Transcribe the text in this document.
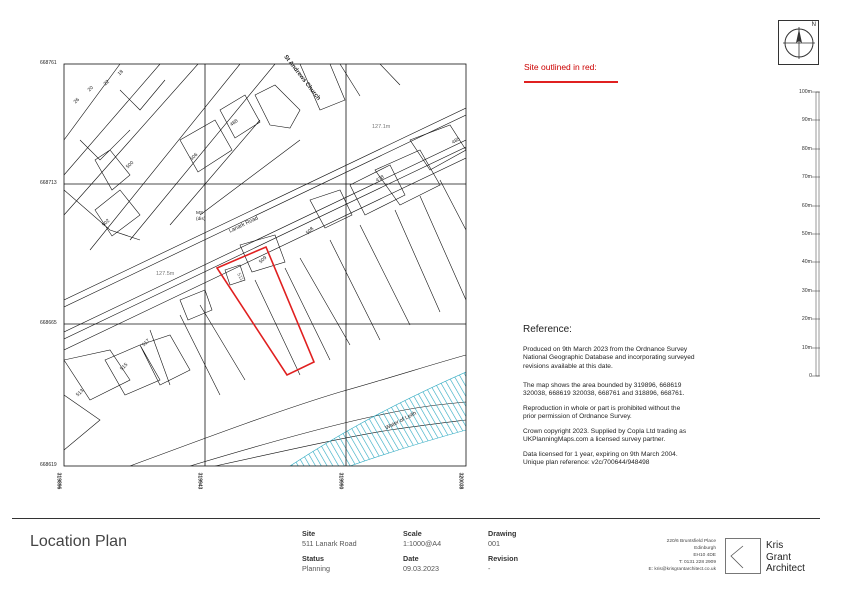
668761
668713
668665
668619
319896	319943	319990	320038
Lanark Road
St Andrews Church
Water of Leith
127.1m
127.5m
MS
(dis)
26
22
20
18
488
500
502
506
508
509
513
515
517
478
485
511
Site outlined in red:
Reference:
Produced on 9th March 2023 from the Ordnance Survey
National Geographic Database and incorporating surveyed
revisions available at this date.
The map shows the area bounded by 319896, 668619
320038, 668619 320038, 668761 and 318896, 668761.
Reproduction in whole or part is prohibited without the
prior permission of Ordnance Survey.
Crown copyright 2023. Supplied by Copla Ltd trading as
UKPlanningMaps.com a licensed survey partner.
Data licensed for 1 year, expiring on 9th March 2004.
Unique plan reference: v2c/700644/948498
N
100m
90m
80m
70m
60m
50m
40m
30m
20m
10m
0
Location Plan	Site
511 Lanark Road
Status
Planning
Scale
1:1000@A4
Date
09.03.2023
Drawing
001
Revision
-
220/6 Bruntsfield Place
Edinburgh
EH10 4DE
T: 0131 228 2909
E: kris@krisgrantarchitect.co.uk
Kris
Grant
Architect
